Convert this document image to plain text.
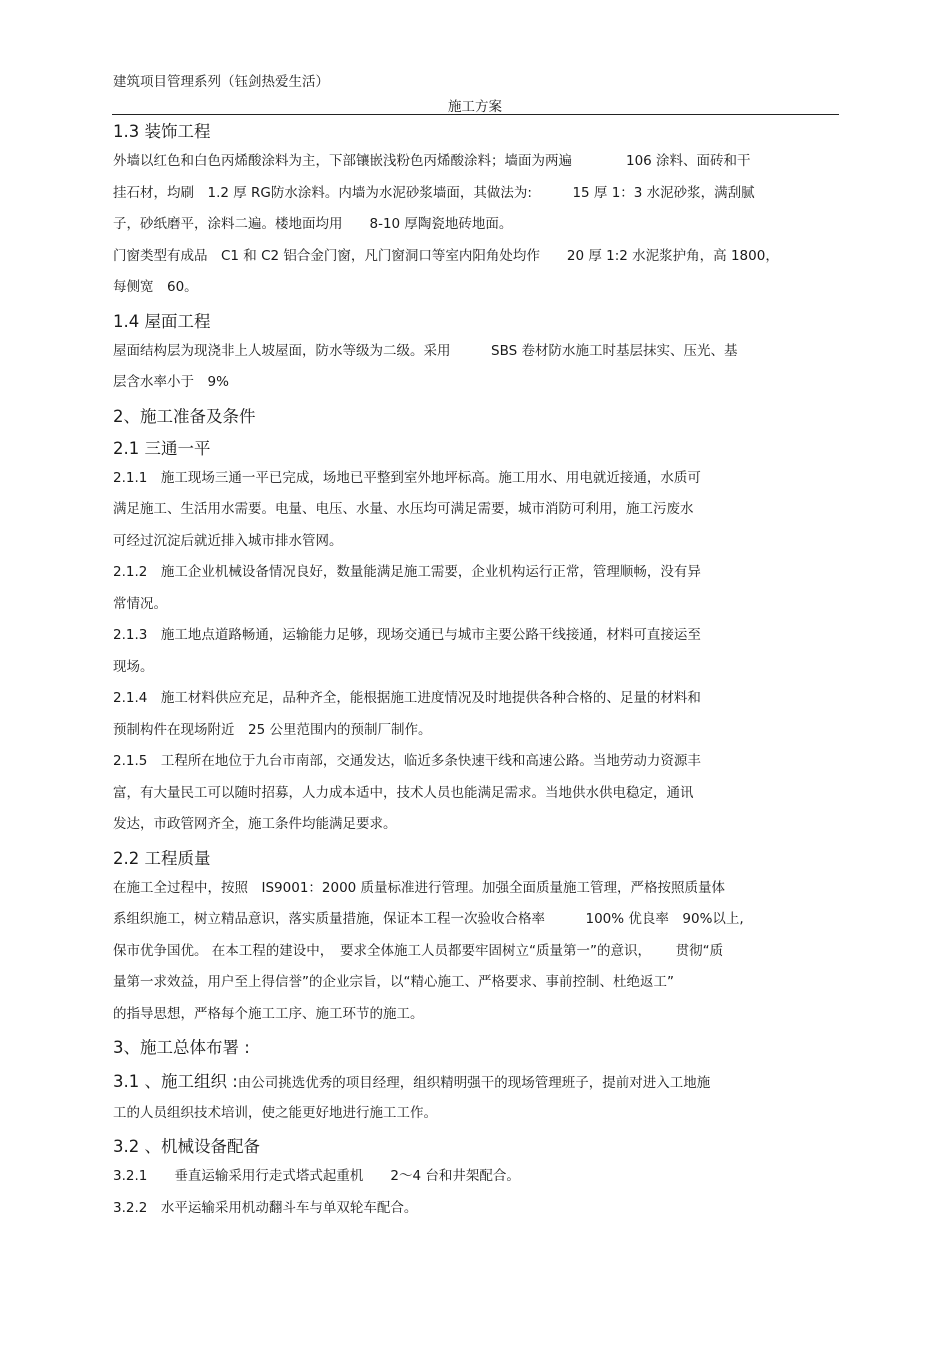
建筑项目管理系列（钰剑热爱生活）
施工方案
1.3 装饰工程
外墙以红色和白色丙烯酸涂料为主，下部镶嵌浅粉色丙烯酸涂料；墙面为两遍　　　　106 涂料、面砖和干
挂石材，均刷　1.2 厚 RG防水涂料。内墙为水泥砂浆墙面，其做法为:　　　15 厚 1：3 水泥砂浆，满刮腻
子，砂纸磨平，涂料二遍。楼地面均用　　8-10 厚陶瓷地砖地面。
门窗类型有成品　C1 和 C2 铝合金门窗，凡门窗洞口等室内阳角处均作　　20 厚 1:2 水泥浆护角，高 1800，
每侧宽　60。
1.4 屋面工程
屋面结构层为现浇非上人坡屋面，防水等级为二级。采用　　　SBS 卷材防水施工时基层抹实、压光、基
层含水率小于　9%
2、施工准备及条件
2.1 三通一平
2.1.1　施工现场三通一平已完成，场地已平整到室外地坪标高。施工用水、用电就近接通，水质可
满足施工、生活用水需要。电量、电压、水量、水压均可满足需要，城市消防可利用，施工污废水
可经过沉淀后就近排入城市排水管网。
2.1.2　施工企业机械设备情况良好，数量能满足施工需要，企业机构运行正常，管理顺畅，没有异
常情况。
2.1.3　施工地点道路畅通，运输能力足够，现场交通已与城市主要公路干线接通，材料可直接运至
现场。
2.1.4　施工材料供应充足，品种齐全，能根据施工进度情况及时地提供各种合格的、足量的材料和
预制构件在现场附近　25 公里范围内的预制厂制作。
2.1.5　工程所在地位于九台市南部，交通发达，临近多条快速干线和高速公路。当地劳动力资源丰
富，有大量民工可以随时招募，人力成本适中，技术人员也能满足需求。当地供水供电稳定，通讯
发达，市政管网齐全，施工条件均能满足要求。
2.2 工程质量
在施工全过程中，按照　IS9001：2000 质量标准进行管理。加强全面质量施工管理，严格按照质量体
系组织施工，树立精品意识，落实质量措施，保证本工程一次验收合格率　　　100% 优良率　90%以上,
保市优争国优。 在本工程的建设中，　要求全体施工人员都要牢固树立“质量第一”的意识，　　 贯彻“质
量第一求效益，用户至上得信誉”的企业宗旨，以“精心施工、严格要求、事前控制、杜绝返工”
的指导思想，严格每个施工工序、施工环节的施工。
3、施工总体布署 :
3.1 、施工组织 :由公司挑选优秀的项目经理，组织精明强干的现场管理班子，提前对进入工地施
工的人员组织技术培训，使之能更好地进行施工工作。
3.2 、机械设备配备
3.2.1　　垂直运输采用行走式塔式起重机　　2～4 台和井架配合。
3.2.2　水平运输采用机动翻斗车与单双轮车配合。
